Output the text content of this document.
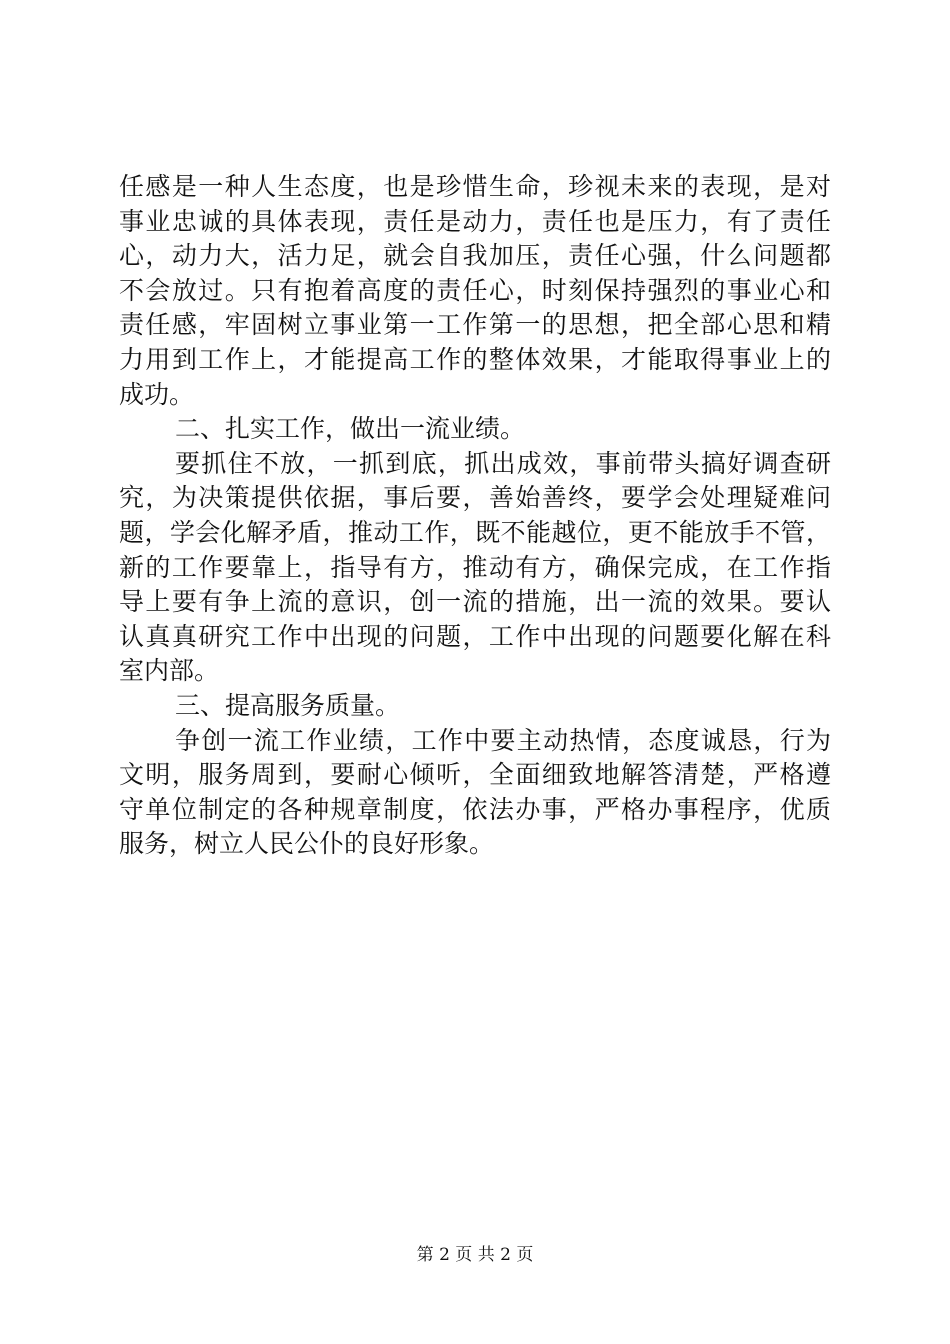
任感是一种人生态度，也是珍惜生命，珍视未来的表现，是对
事业忠诚的具体表现，责任是动力，责任也是压力，有了责任
心，动力大，活力足，就会自我加压，责任心强，什么问题都
不会放过。只有抱着高度的责任心，时刻保持强烈的事业心和
责任感，牢固树立事业第一工作第一的思想，把全部心思和精
力用到工作上，才能提高工作的整体效果，才能取得事业上的
成功。
二、扎实工作，做出一流业绩。
要抓住不放，一抓到底，抓出成效，事前带头搞好调查研
究，为决策提供依据，事后要，善始善终，要学会处理疑难问
题，学会化解矛盾，推动工作，既不能越位，更不能放手不管，
新的工作要靠上，指导有方，推动有方，确保完成，在工作指
导上要有争上流的意识，创一流的措施，出一流的效果。要认
认真真研究工作中出现的问题，工作中出现的问题要化解在科
室内部。
三、提高服务质量。
争创一流工作业绩，工作中要主动热情，态度诚恳，行为
文明，服务周到，要耐心倾听，全面细致地解答清楚，严格遵
守单位制定的各种规章制度，依法办事，严格办事程序，优质
服务，树立人民公仆的良好形象。
第 2 页 共 2 页
